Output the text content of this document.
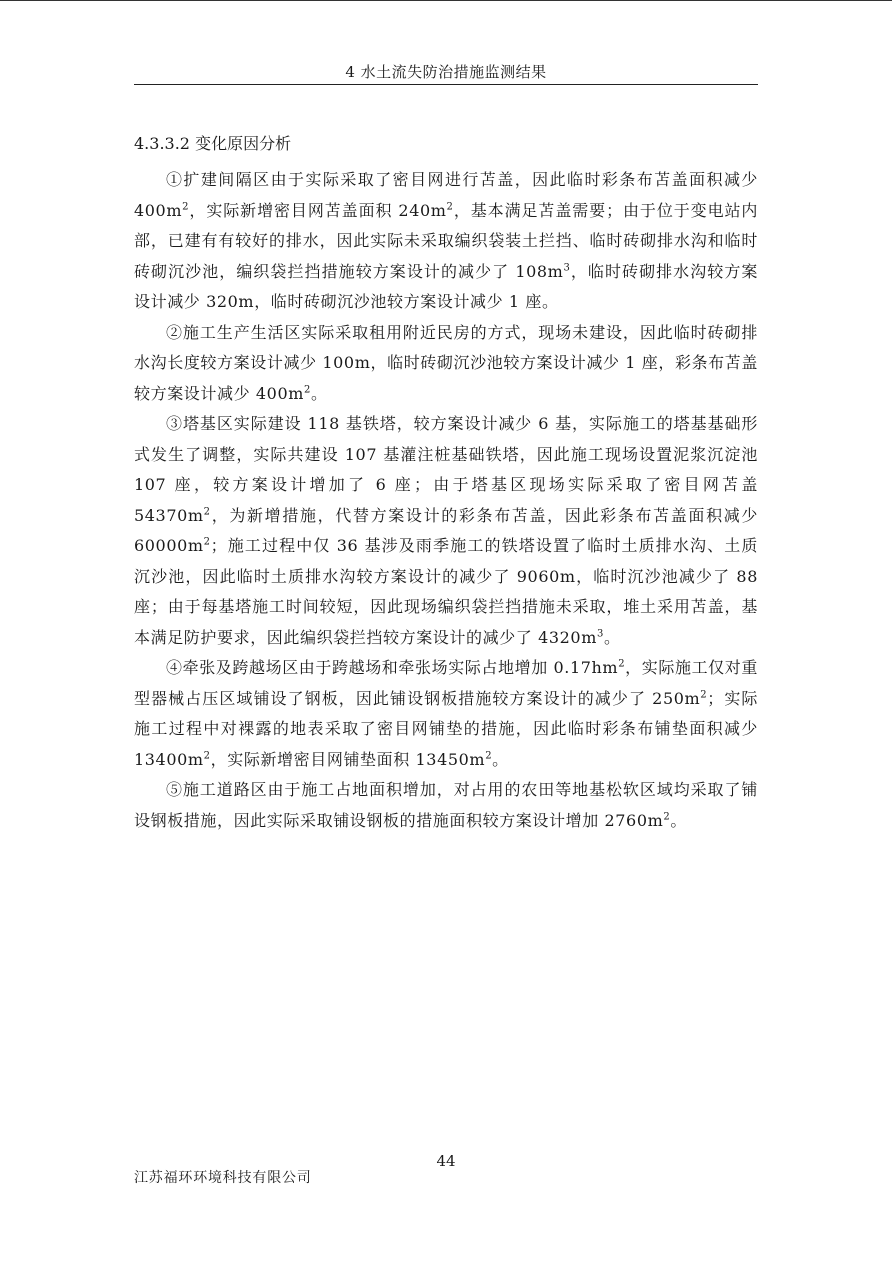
4 水土流失防治措施监测结果
4.3.3.2 变化原因分析

①扩建间隔区由于实际采取了密目网进行苫盖，因此临时彩条布苫盖面积减少 $400m^2$，实际新增密目网苫盖面积 $240m^2$，基本满足苫盖需要；由于位于变电站内部，已建有有较好的排水，因此实际未采取编织袋装土拦挡、临时砖砌排水沟和临时砖砌沉沙池，编织袋拦挡措施较方案设计的减少了 $108m^3$，临时砖砌排水沟较方案设计减少 320m，临时砖砌沉沙池较方案设计减少 1 座。

②施工生产生活区实际采取租用附近民房的方式，现场未建设，因此临时砖砌排水沟长度较方案设计减少 100m，临时砖砌沉沙池较方案设计减少 1 座，彩条布苫盖较方案设计减少 $400m^2$。

③塔基区实际建设 118 基铁塔，较方案设计减少 6 基，实际施工的塔基基础形式发生了调整，实际共建设 107 基灌注桩基础铁塔，因此施工现场设置泥浆沉淀池 107 座，较方案设计增加了 6 座；由于塔基区现场实际采取了密目网苫盖 $54370m^2$，为新增措施，代替方案设计的彩条布苫盖，因此彩条布苫盖面积减少 $60000m^2$；施工过程中仅 36 基涉及雨季施工的铁塔设置了临时土质排水沟、土质沉沙池，因此临时土质排水沟较方案设计的减少了 9060m，临时沉沙池减少了 88 座；由于每基塔施工时间较短，因此现场编织袋拦挡措施未采取，堆土采用苫盖，基本满足防护要求，因此编织袋拦挡较方案设计的减少了 $4320m^3$。

④牵张及跨越场区由于跨越场和牵张场实际占地增加 $0.17hm^2$，实际施工仅对重型器械占压区域铺设了钢板，因此铺设钢板措施较方案设计的减少了 $250m^2$；实际施工过程中对裸露的地表采取了密目网铺垫的措施，因此临时彩条布铺垫面积减少 $13400m^2$，实际新增密目网铺垫面积 $13450m^2$。

⑤施工道路区由于施工占地面积增加，对占用的农田等地基松软区域均采取了铺设钢板措施，因此实际采取铺设钢板的措施面积较方案设计增加 $2760m^2$。

44
江苏福环环境科技有限公司
